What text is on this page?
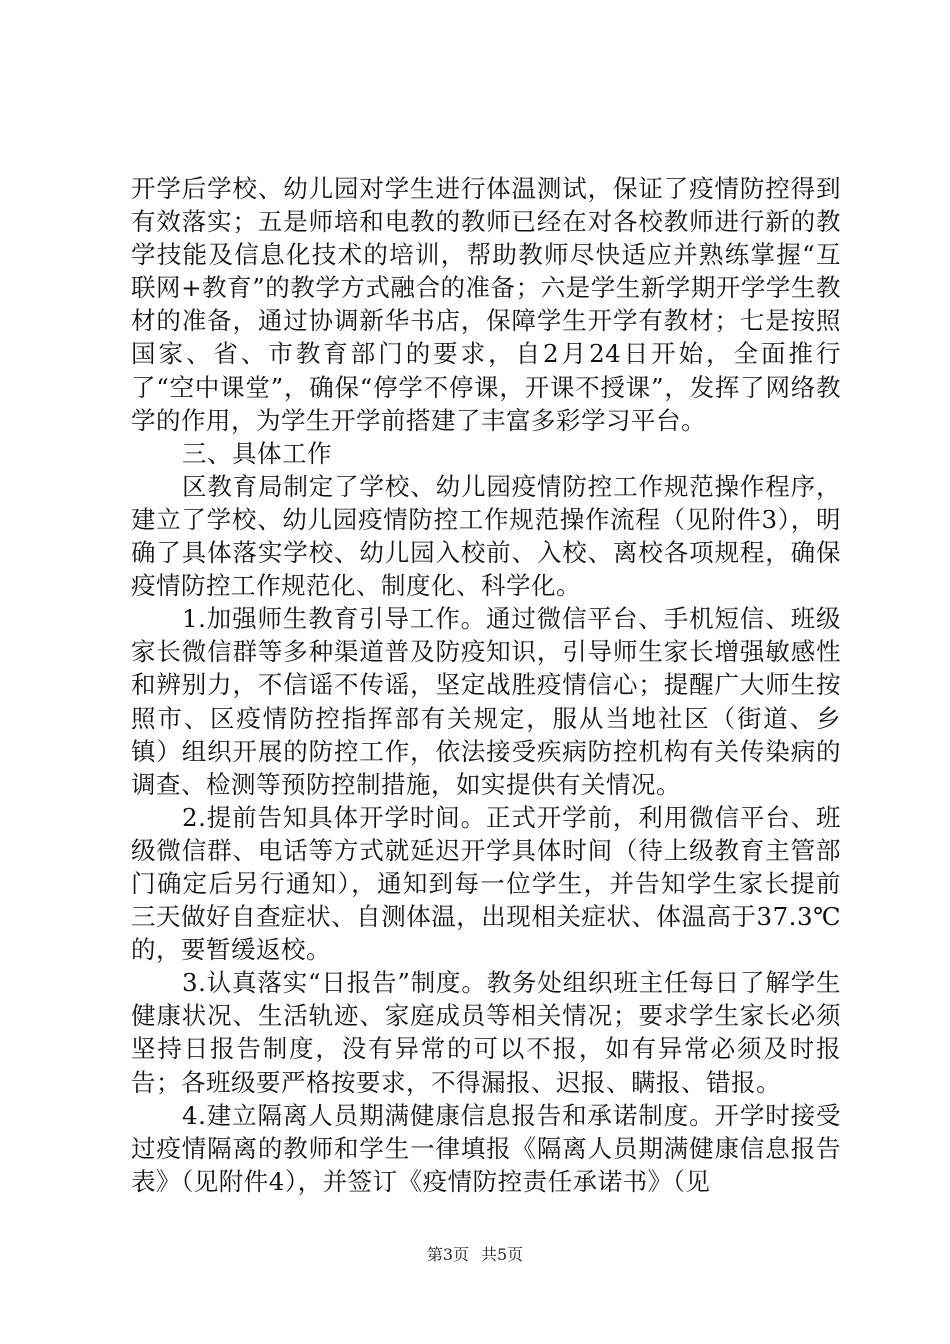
开学后学校、幼儿园对学生进行体温测试，保证了疫情防控得到有效落实；五是师培和电教的教师已经在对各校教师进行新的教学技能及信息化技术的培训，帮助教师尽快适应并熟练掌握“互联网+教育”的教学方式融合的准备；六是学生新学期开学学生教材的准备，通过协调新华书店，保障学生开学有教材；七是按照国家、省、市教育部门的要求，自2月24日开始，全面推行了“空中课堂”，确保“停学不停课，开课不授课”，发挥了网络教学的作用，为学生开学前搭建了丰富多彩学习平台。

三、具体工作

区教育局制定了学校、幼儿园疫情防控工作规范操作程序，建立了学校、幼儿园疫情防控工作规范操作流程（见附件3），明确了具体落实学校、幼儿园入校前、入校、离校各项规程，确保疫情防控工作规范化、制度化、科学化。

1.加强师生教育引导工作。通过微信平台、手机短信、班级家长微信群等多种渠道普及防疫知识，引导师生家长增强敏感性和辨别力，不信谣不传谣，坚定战胜疫情信心；提醒广大师生按照市、区疫情防控指挥部有关规定，服从当地社区（街道、乡镇）组织开展的防控工作，依法接受疾病防控机构有关传染病的调查、检测等预防控制措施，如实提供有关情况。

2.提前告知具体开学时间。正式开学前，利用微信平台、班级微信群、电话等方式就延迟开学具体时间（待上级教育主管部门确定后另行通知），通知到每一位学生，并告知学生家长提前三天做好自查症状、自测体温，出现相关症状、体温高于37.3℃的，要暂缓返校。

3.认真落实“日报告”制度。教务处组织班主任每日了解学生健康状况、生活轨迹、家庭成员等相关情况；要求学生家长必须坚持日报告制度，没有异常的可以不报，如有异常必须及时报告；各班级要严格按要求，不得漏报、迟报、瞒报、错报。

4.建立隔离人员期满健康信息报告和承诺制度。开学时接受过疫情隔离的教师和学生一律填报《隔离人员期满健康信息报告表》（见附件4），并签订《疫情防控责任承诺书》（见

第3页 共5页
